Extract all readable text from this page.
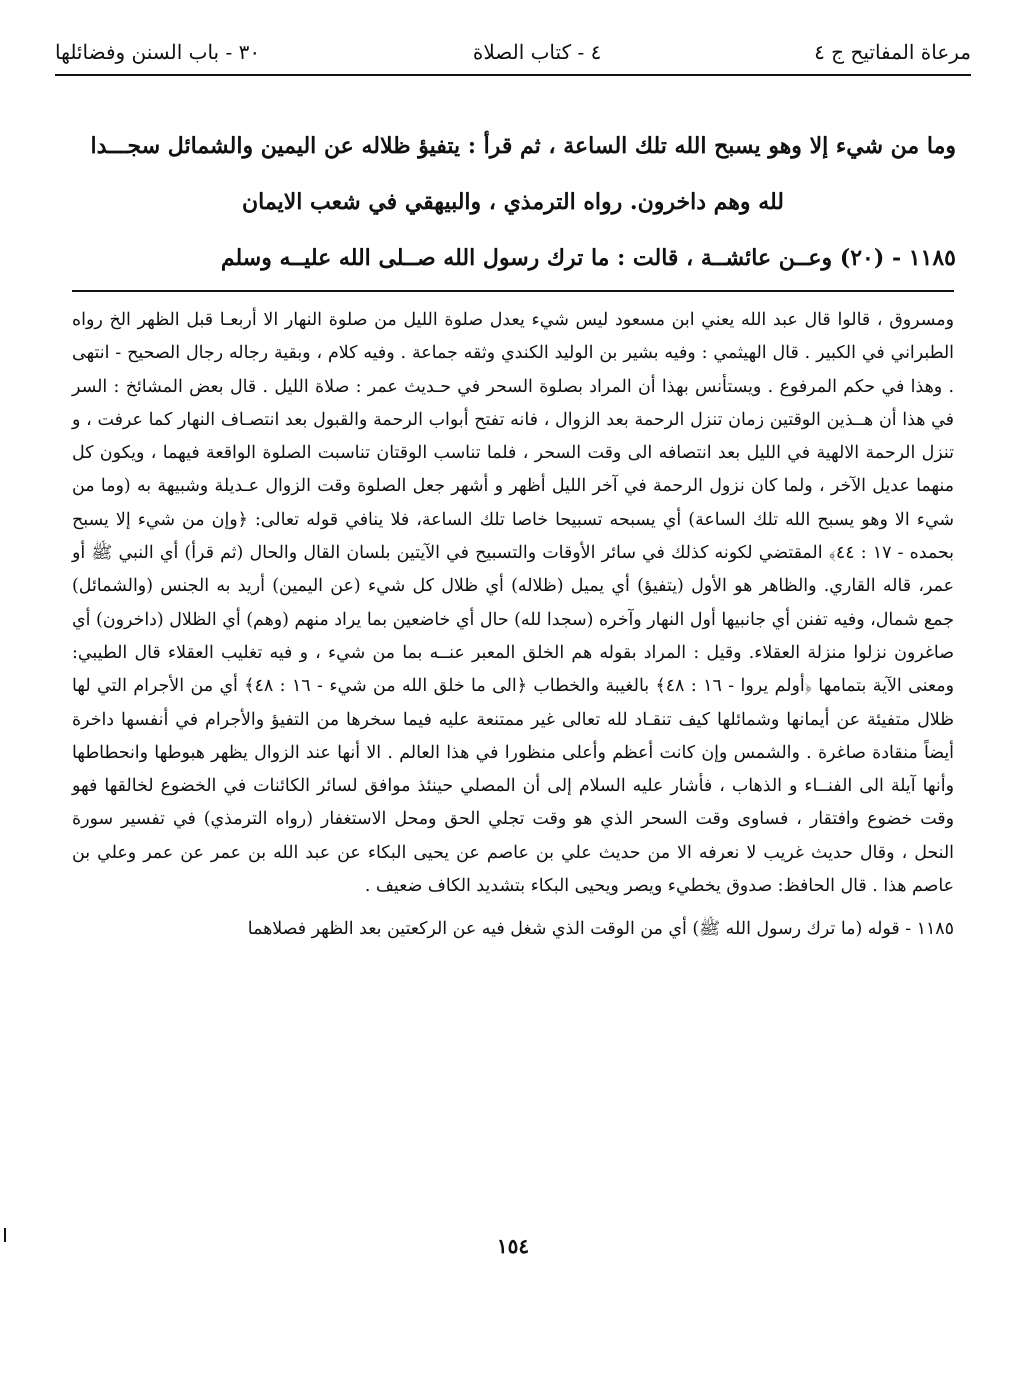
مرعاة المفاتيح ج ٤
٤ - كتاب الصلاة
٣٠ - باب السنن وفضائلها

وما من شيء إلا وهو يسبح الله تلك الساعة ، ثم قرأ : يتفيؤ ظلاله عن اليمين والشمائل سجـــدا

لله وهم داخرون. رواه الترمذي ، والبيهقي في شعب الايمان

١١٨٥ - (٢٠) وعــن عائشــة ، قالت : ما ترك رسول الله صــلى الله عليــه وسلم

ومسروق ، قالوا قال عبد الله يعني ابن مسعود ليس شيء يعدل صلوة الليل من صلوة النهار الا أربعـا قبل الظهر الخ رواه الطبراني في الكبير . قال الهيثمي : وفيه بشير بن الوليد الكندي وثقه جماعة . وفيه كلام ، وبقية رجاله رجال الصحيح - انتهى . وهذا في حكم المرفوع . ويستأنس بهذا أن المراد بصلوة السحر في حـديث عمر : صلاة الليل . قال بعض المشائخ : السر في هذا أن هــذين الوقتين زمان تنزل الرحمة بعد الزوال ، فانه تفتح أبواب الرحمة والقبول بعد انتصـاف النهار كما عرفت ، و تنزل الرحمة الالهية في الليل بعد انتصافه الى وقت السحر ، فلما تناسب الوقتان تناسبت الصلوة الواقعة فيهما ، ويكون كل منهما عديل الآخر ، ولما كان نزول الرحمة في آخر الليل أظهر و أشهر جعل الصلوة وقت الزوال عـديلة وشبيهة به (وما من شيء الا وهو يسبح الله تلك الساعة) أي يسبحه تسبيحا خاصا تلك الساعة، فلا ينافي قوله تعالى: ﴿وإن من شيء إلا يسبح بحمده - ١٧ : ٤٤﴾ المقتضي لكونه كذلك في سائر الأوقات والتسبيح في الآيتين بلسان القال والحال (ثم قرأ) أي النبي ﷺ أو عمر، قاله القاري. والظاهر هو الأول (يتفيؤ) أي يميل (ظلاله) أي ظلال كل شيء (عن اليمين) أريد به الجنس (والشمائل) جمع شمال، وفيه تفنن أي جانبيها أول النهار وآخره (سجدا لله) حال أي خاضعين بما يراد منهم (وهم) أي الظلال (داخرون) أي صاغرون نزلوا منزلة العقلاء. وقيل : المراد بقوله هم الخلق المعبر عنــه بما من شيء ، و فيه تغليب العقلاء قال الطيبي: ومعنى الآية بتمامها ﴿أولم يروا - ١٦ : ٤٨﴾ بالغيبة والخطاب ﴿الى ما خلق الله من شيء - ١٦ : ٤٨﴾ أي من الأجرام التي لها ظلال متفيئة عن أيمانها وشمائلها كيف تنقـاد لله تعالى غير ممتنعة عليه فيما سخرها من التفيؤ والأجرام في أنفسها داخرة أيضاً منقادة صاغرة . والشمس وإن كانت أعظم وأعلى منظورا في هذا العالم . الا أنها عند الزوال يظهر هبوطها وانحطاطها وأنها آيلة الى الفنــاء و الذهاب ، فأشار عليه السلام إلى أن المصلي حينئذ موافق لسائر الكائنات في الخضوع لخالقها فهو وقت خضوع وافتقار ، فساوى وقت السحر الذي هو وقت تجلي الحق ومحل الاستغفار (رواه الترمذي) في تفسير سورة النحل ، وقال حديث غريب لا نعرفه الا من حديث علي بن عاصم عن يحيى البكاء عن عبد الله بن عمر عن عمر وعلي بن عاصم هذا . قال الحافظ: صدوق يخطيء ويصر ويحيى البكاء بتشديد الكاف ضعيف .

١١٨٥ - قوله (ما ترك رسول الله ﷺ) أي من الوقت الذي شغل فيه عن الركعتين بعد الظهر فصلاهما

١٥٤
